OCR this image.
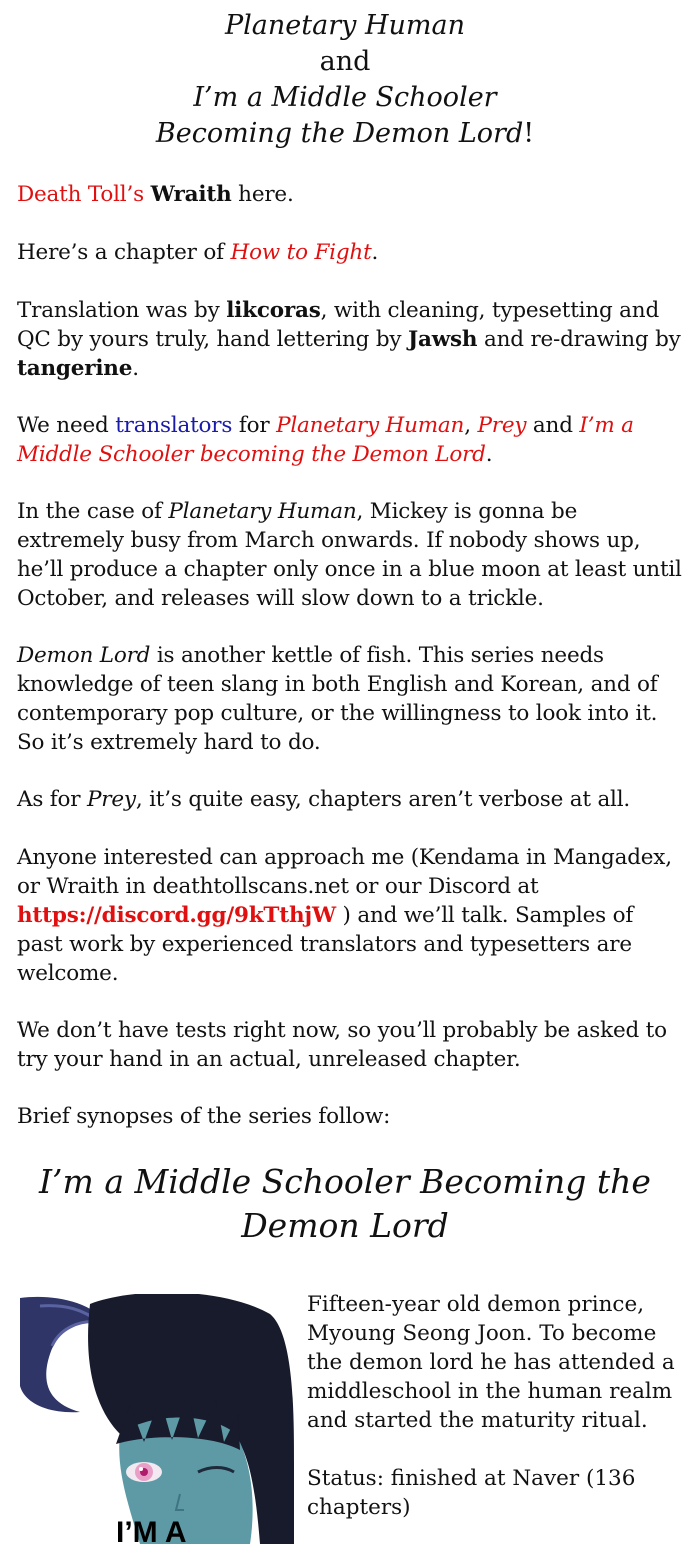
Planetary Human
and
I’m a Middle Schooler
Becoming the Demon Lord!
Death Toll’s Wraith here.
Here’s a chapter of How to Fight.
Translation was by likcoras, with cleaning, typesetting and QC by yours truly, hand lettering by Jawsh and re-drawing by tangerine.
We need translators for Planetary Human, Prey and I’m a Middle Schooler becoming the Demon Lord.
In the case of Planetary Human, Mickey is gonna be extremely busy from March onwards. If nobody shows up, he’ll produce a chapter only once in a blue moon at least until October, and releases will slow down to a trickle.
Demon Lord is another kettle of fish. This series needs knowledge of teen slang in both English and Korean, and of contemporary pop culture, or the willingness to look into it. So it’s extremely hard to do.
As for Prey, it’s quite easy, chapters aren’t verbose at all.
Anyone interested can approach me (Kendama in Mangadex, or Wraith in deathtollscans.net or our Discord at https://discord.gg/9kTthjW ) and we’ll talk. Samples of past work by experienced translators and typesetters are welcome.
We don’t have tests right now, so you’ll probably be asked to try your hand in an actual, unreleased chapter.
Brief synopses of the series follow:
I’m a Middle Schooler Becoming the Demon Lord
I’M A
Fifteen-year old demon prince, Myoung Seong Joon. To become the demon lord he has attended a middleschool in the human realm and started the maturity ritual.
Status: finished at Naver (136 chapters)
